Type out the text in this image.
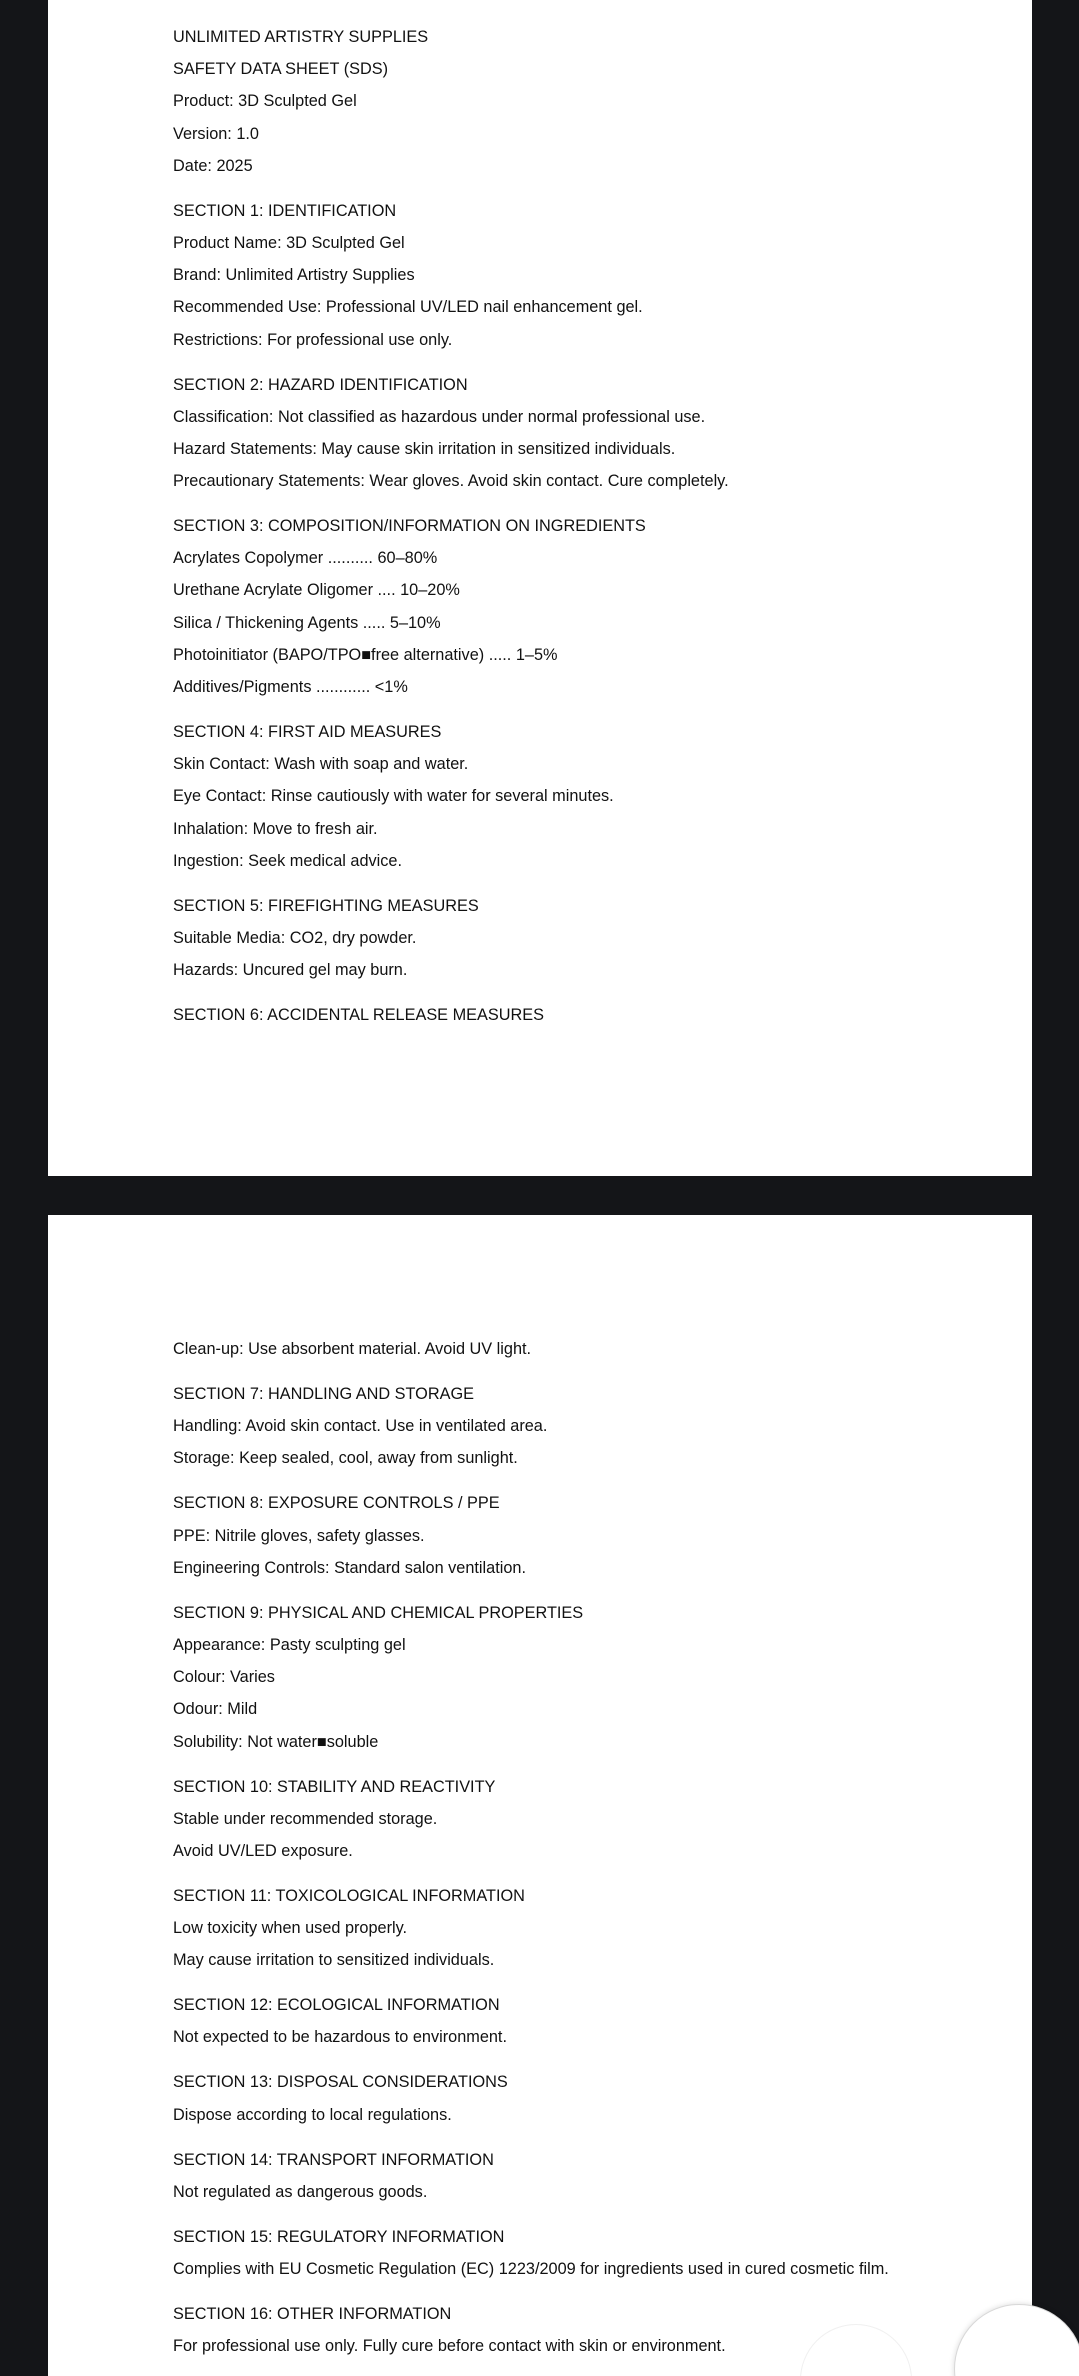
UNLIMITED ARTISTRY SUPPLIES
SAFETY DATA SHEET (SDS)
Product: 3D Sculpted Gel
Version: 1.0
Date: 2025
SECTION 1: IDENTIFICATION
Product Name: 3D Sculpted Gel
Brand: Unlimited Artistry Supplies
Recommended Use: Professional UV/LED nail enhancement gel.
Restrictions: For professional use only.
SECTION 2: HAZARD IDENTIFICATION
Classification: Not classified as hazardous under normal professional use.
Hazard Statements: May cause skin irritation in sensitized individuals.
Precautionary Statements: Wear gloves. Avoid skin contact. Cure completely.
SECTION 3: COMPOSITION/INFORMATION ON INGREDIENTS
Acrylates Copolymer .......... 60–80%
Urethane Acrylate Oligomer .... 10–20%
Silica / Thickening Agents ..... 5–10%
Photoinitiator (BAPO/TPO■free alternative) ..... 1–5%
Additives/Pigments ............ <1%
SECTION 4: FIRST AID MEASURES
Skin Contact: Wash with soap and water.
Eye Contact: Rinse cautiously with water for several minutes.
Inhalation: Move to fresh air.
Ingestion: Seek medical advice.
SECTION 5: FIREFIGHTING MEASURES
Suitable Media: CO2, dry powder.
Hazards: Uncured gel may burn.
SECTION 6: ACCIDENTAL RELEASE MEASURES
Clean-up: Use absorbent material. Avoid UV light.
SECTION 7: HANDLING AND STORAGE
Handling: Avoid skin contact. Use in ventilated area.
Storage: Keep sealed, cool, away from sunlight.
SECTION 8: EXPOSURE CONTROLS / PPE
PPE: Nitrile gloves, safety glasses.
Engineering Controls: Standard salon ventilation.
SECTION 9: PHYSICAL AND CHEMICAL PROPERTIES
Appearance: Pasty sculpting gel
Colour: Varies
Odour: Mild
Solubility: Not water■soluble
SECTION 10: STABILITY AND REACTIVITY
Stable under recommended storage.
Avoid UV/LED exposure.
SECTION 11: TOXICOLOGICAL INFORMATION
Low toxicity when used properly.
May cause irritation to sensitized individuals.
SECTION 12: ECOLOGICAL INFORMATION
Not expected to be hazardous to environment.
SECTION 13: DISPOSAL CONSIDERATIONS
Dispose according to local regulations.
SECTION 14: TRANSPORT INFORMATION
Not regulated as dangerous goods.
SECTION 15: REGULATORY INFORMATION
Complies with EU Cosmetic Regulation (EC) 1223/2009 for ingredients used in cured cosmetic film.
SECTION 16: OTHER INFORMATION
For professional use only. Fully cure before contact with skin or environment.
